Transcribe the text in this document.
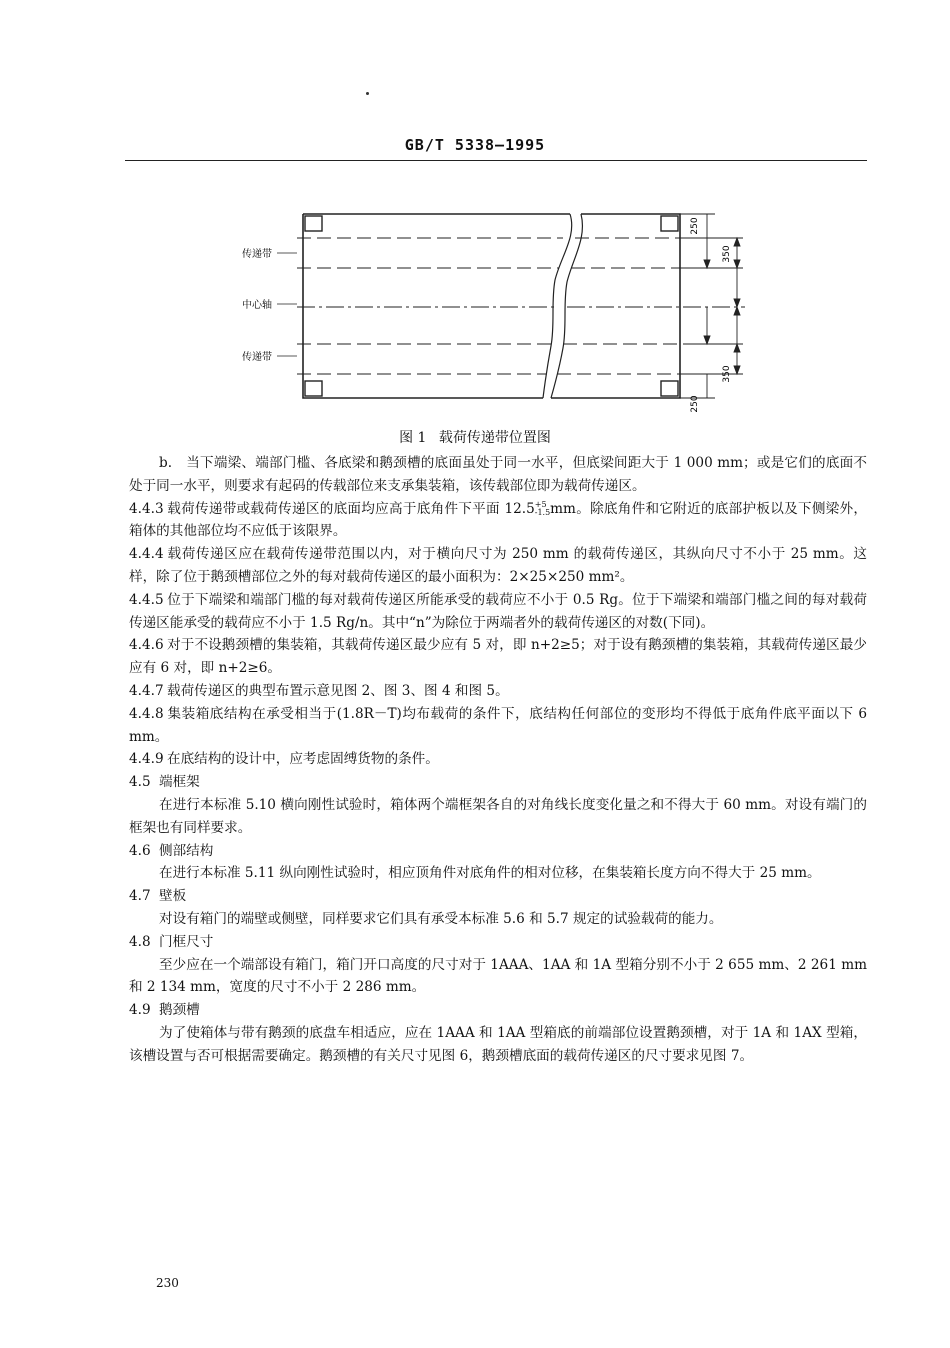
GB/T 5338—1995
250
350
350
250
传递带
中心轴
传递带
图 1 载荷传递带位置图

b. 当下端梁、端部门槛、各底梁和鹅颈槽的底面虽处于同一水平，但底梁间距大于 1 000 mm；或是它们的底面不处于同一水平，则要求有起码的传载部位来支承集装箱，该传载部位即为载荷传递区。

4.4.3 载荷传递带或载荷传递区的底面均应高于底角件下平面 12.5 +5
-1.5 mm。除底角件和它附近的底部护板以及下侧梁外，箱体的其他部位均不应低于该限界。

4.4.4 载荷传递区应在载荷传递带范围以内，对于横向尺寸为 250 mm 的载荷传递区，其纵向尺寸不小于 25 mm。这样，除了位于鹅颈槽部位之外的每对载荷传递区的最小面积为：2×25×250 mm²。

4.4.5 位于下端梁和端部门槛的每对载荷传递区所能承受的载荷应不小于 0.5 Rg。位于下端梁和端部门槛之间的每对载荷传递区能承受的载荷应不小于 1.5 Rg/n。其中“n”为除位于两端者外的载荷传递区的对数(下同)。

4.4.6 对于不设鹅颈槽的集装箱，其载荷传递区最少应有 5 对，即 n+2≥5；对于设有鹅颈槽的集装箱，其载荷传递区最少应有 6 对，即 n+2≥6。

4.4.7 载荷传递区的典型布置示意见图 2、图 3、图 4 和图 5。

4.4.8 集装箱底结构在承受相当于(1.8R－T)均布载荷的条件下，底结构任何部位的变形均不得低于底角件底平面以下 6 mm。

4.4.9 在底结构的设计中，应考虑固缚货物的条件。

4.5 端框架

在进行本标准 5.10 横向刚性试验时，箱体两个端框架各自的对角线长度变化量之和不得大于 60 mm。对设有端门的框架也有同样要求。

4.6 侧部结构

在进行本标准 5.11 纵向刚性试验时，相应顶角件对底角件的相对位移，在集装箱长度方向不得大于 25 mm。

4.7 壁板

对设有箱门的端壁或侧壁，同样要求它们具有承受本标准 5.6 和 5.7 规定的试验载荷的能力。

4.8 门框尺寸

至少应在一个端部设有箱门，箱门开口高度的尺寸对于 1AAA、1AA 和 1A 型箱分别不小于 2 655 mm、2 261 mm 和 2 134 mm，宽度的尺寸不小于 2 286 mm。

4.9 鹅颈槽

为了使箱体与带有鹅颈的底盘车相适应，应在 1AAA 和 1AA 型箱底的前端部位设置鹅颈槽，对于 1A 和 1AX 型箱，该槽设置与否可根据需要确定。鹅颈槽的有关尺寸见图 6，鹅颈槽底面的载荷传递区的尺寸要求见图 7。

230
